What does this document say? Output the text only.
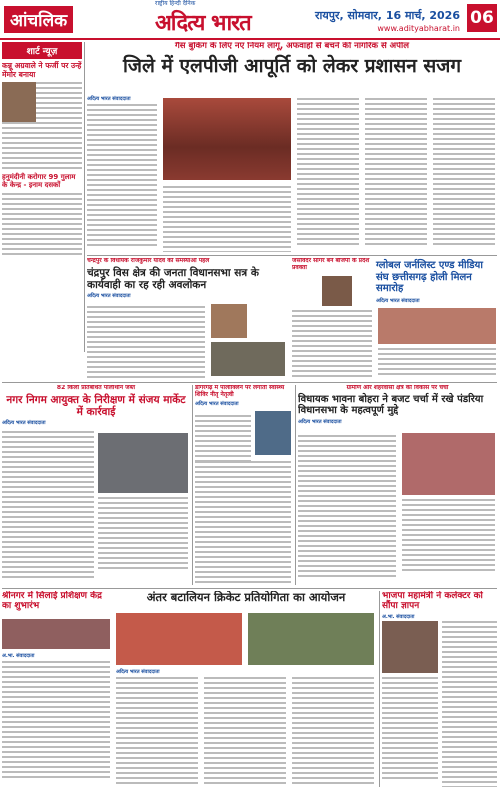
आंचलिक
राष्ट्रीय हिन्दी दैनिक
अदित्य भारत	रायपुर, सोमवार, 16 मार्च, 2026
www.adityabharat.in
06
शार्ट न्यूज़
कन्नू अग्रवाले ने फर्जी पर उन्हें मेंमोर बनाया
हनुमंदीनी करोगार 99 गुलाम के केन्द्र - इनाम दसकों
गैस बुकिंग के लिए नए नियम लागू, अफवाहों से बचने की नागरिक से अपील
जिले में एलपीजी आपूर्ति को लेकर प्रशासन सजग
अदित्य भारत संवाददाता
चन्द्रपुर के विधायक राजकुमार यादव की समस्याओं पहल
चंद्रपुर विस क्षेत्र की जनता विधानसभा सत्र के कार्यवाही का रह रही अवलोकन
अदित्य भारत संवाददाता
जसविंदर सागर बने बीजेपी के प्रदेश प्रवक्ता	ग्लोबल जर्नलिस्ट एण्ड मीडिया संघ छत्तीसगढ़ होली मिलन समारोह
अदित्य भारत संवाददाता
82 किलो प्रतिबंधित पॉलीथीन जब्त
नगर निगम आयुक्त के निरीक्षण में संजय मार्केट में कार्रवाई
अदित्य भारत संवाददाता
डॉगरगढ़ में पॉलीक्लिन पर लगाती स्वास्थ्य शिविर नीतृ नेतृत्वी
अदित्य भारत संवाददाता
ग्रामीण और शहरवासी क्षेत्र की विकास पर चर्चा
विधायक भावना बोहरा ने बजट चर्चा में रखे पंडरिया विधानसभा के महत्वपूर्ण मुद्दे
अदित्य भारत संवाददाता
श्रीनगर में सिलाई प्रशिक्षण केंद्र का शुभारंभ
अ.भा. संवाददाता
अंतर बटालियन क्रिकेट प्रतियोगिता का आयोजन
अदित्य भारत संवाददाता
भाजपा महामंत्री ने कलेक्टर को सौंपा ज्ञापन
अ.भा. संवाददाता
